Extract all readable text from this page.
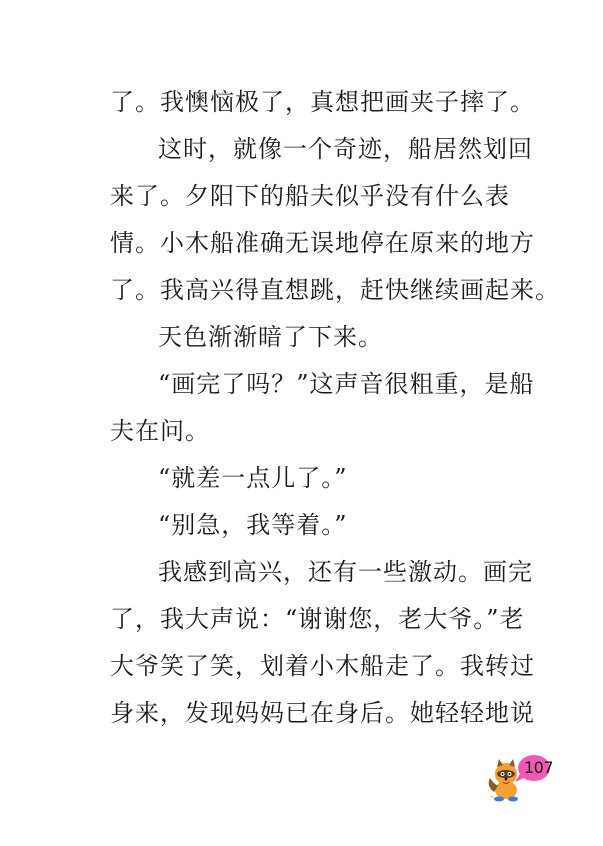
了。我懊恼极了，真想把画夹子摔了。
这时，就像一个奇迹，船居然划回
来了。夕阳下的船夫似乎没有什么表
情。小木船准确无误地停在原来的地方
了。我高兴得直想跳，赶快继续画起来。
天色渐渐暗了下来。
“画完了吗？”这声音很粗重，是船
夫在问。
“就差一点儿了。”
“别急，我等着。”
我感到高兴，还有一些激动。画完
了，我大声说：“谢谢您，老大爷。”老
大爷笑了笑，划着小木船走了。我转过
身来，发现妈妈已在身后。她轻轻地说
107
